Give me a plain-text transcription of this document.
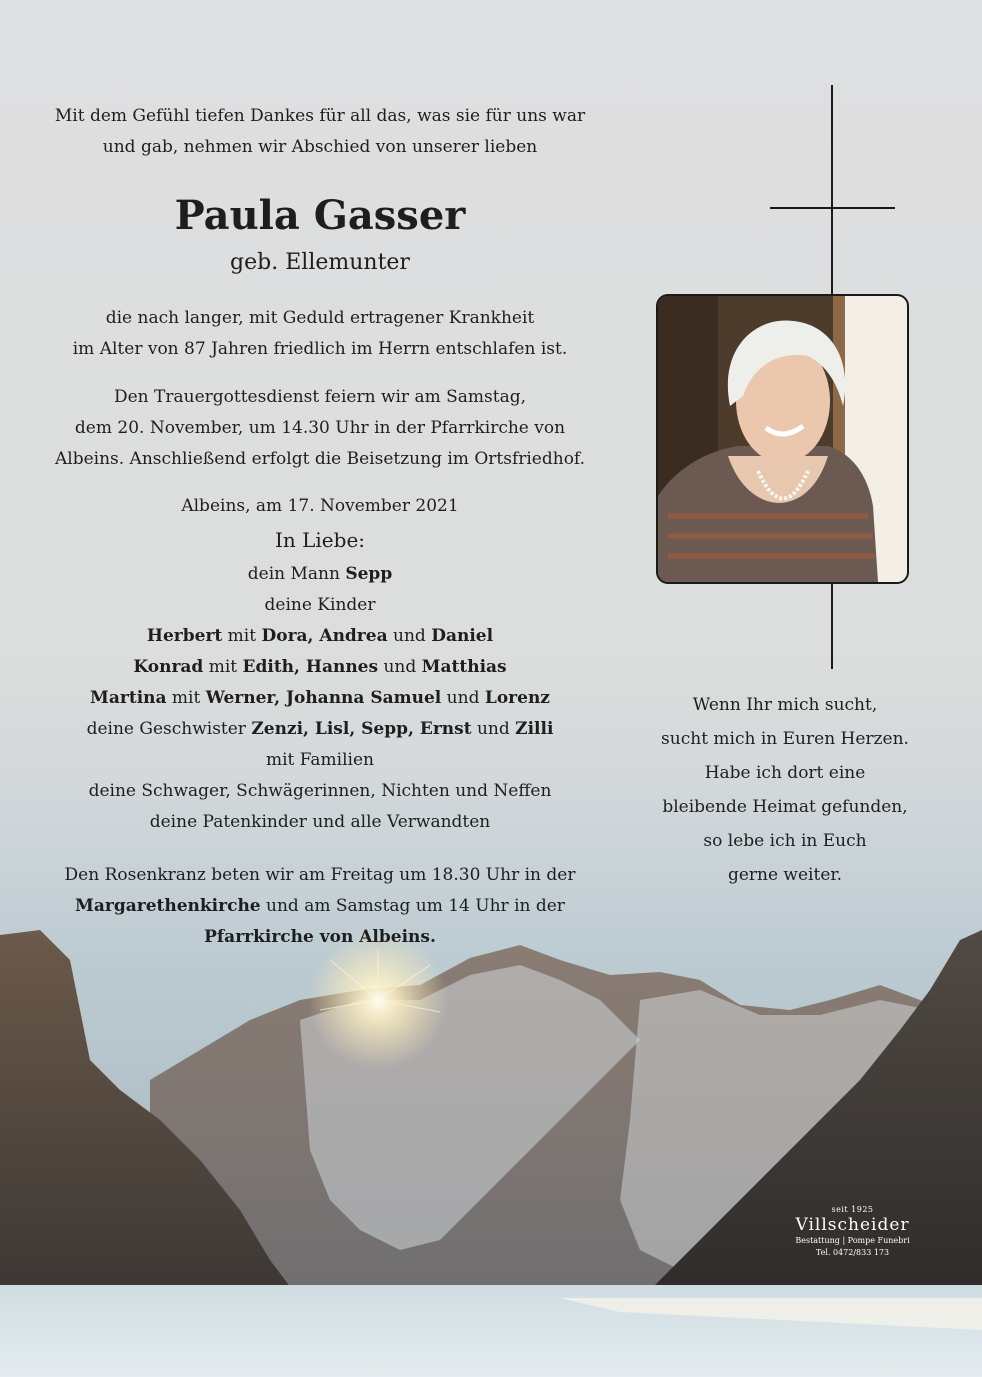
Mit dem Gefühl tiefen Dankes für all das, was sie für uns war
und gab, nehmen wir Abschied von unserer lieben

Paula Gasser
geb. Ellemunter

die nach langer, mit Geduld ertragener Krankheit
im Alter von 87 Jahren friedlich im Herrn entschlafen ist.

Den Trauergottesdienst feiern wir am Samstag,
dem 20. November, um 14.30 Uhr in der Pfarrkirche von
Albeins. Anschließend erfolgt die Beisetzung im Ortsfriedhof.

Albeins, am 17. November 2021

In Liebe:

dein Mann Sepp
deine Kinder
Herbert mit Dora, Andrea und Daniel
Konrad mit Edith, Hannes und Matthias
Martina mit Werner, Johanna Samuel und Lorenz
deine Geschwister Zenzi, Lisl, Sepp, Ernst und Zilli
mit Familien
deine Schwager, Schwägerinnen, Nichten und Neffen
deine Patenkinder und alle Verwandten

Den Rosenkranz beten wir am Freitag um 18.30 Uhr in der
Margarethenkirche und am Samstag um 14 Uhr in der
Pfarrkirche von Albeins.

Wenn Ihr mich sucht,
sucht mich in Euren Herzen.
Habe ich dort eine
bleibende Heimat gefunden,
so lebe ich in Euch
gerne weiter.
seit 1925
Villscheider
Bestattung | Pompe Funebri
Tel. 0472/833 173
